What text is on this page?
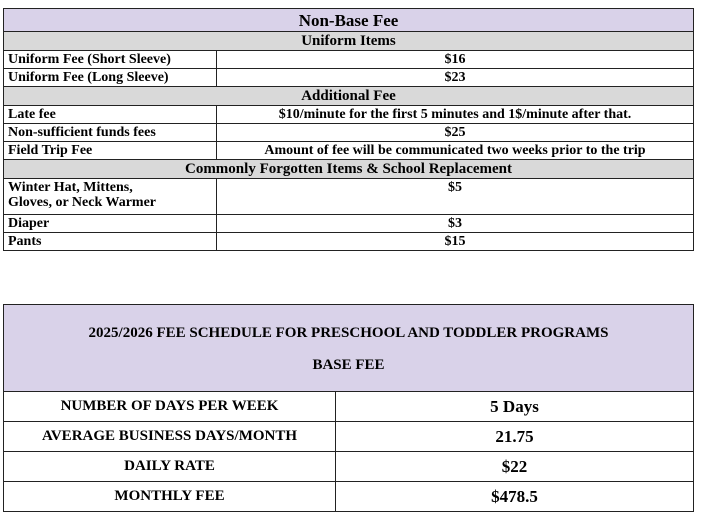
Non-Base Fee	
Uniform Items	
Uniform Fee (Short Sleeve)	$16
Uniform Fee (Long Sleeve)	$23
Additional Fee	
Late fee	$10/minute for the first 5 minutes and 1$/minute after that.
Non-sufficient funds fees	$25
Field Trip Fee	Amount of fee will be communicated two weeks prior to the trip
Commonly Forgotten Items & School Replacement	
Winter Hat, Mittens,
Gloves, or Neck Warmer	$5
Diaper	$3
Pants	$15
2025/2026 FEE SCHEDULE FOR PRESCHOOL AND TODDLER PROGRAMS
BASE FEE	

NUMBER OF DAYS PER WEEK	5 Days
AVERAGE BUSINESS DAYS/MONTH	21.75
DAILY RATE	$22
MONTHLY FEE	$478.5
